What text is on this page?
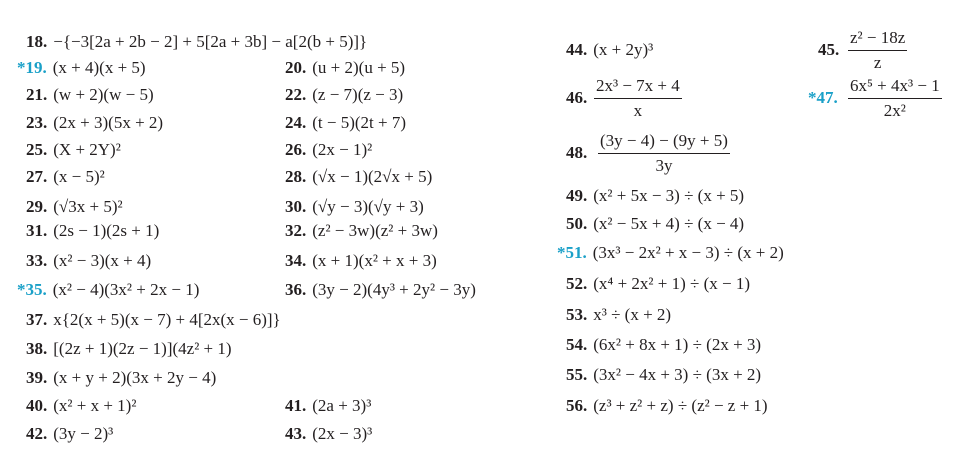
18. −{−3[2a + 2b − 2] + 5[2a + 3b] − a[2(b + 5)]}
*19. (x + 4)(x + 5)
21. (w + 2)(w − 5)
23. (2x + 3)(5x + 2)
25. (X + 2Y)²
27. (x − 5)²
29. (√3x + 5)²
31. (2s − 1)(2s + 1)
33. (x² − 3)(x + 4)
*35. (x² − 4)(3x² + 2x − 1)
37. x{2(x + 5)(x − 7) + 4[2x(x − 6)]}
38. [(2z + 1)(2z − 1)](4z² + 1)
39. (x + y + 2)(3x + 2y − 4)
40. (x² + x + 1)²
42. (3y − 2)³
20. (u + 2)(u + 5)
22. (z − 7)(z − 3)
24. (t − 5)(2t + 7)
26. (2x − 1)²
28. (√x − 1)(2√x + 5)
30. (√y − 3)(√y + 3)
32. (z² − 3w)(z² + 3w)
34. (x + 1)(x² + x + 3)
36. (3y − 2)(4y³ + 2y² − 3y)
41. (2a + 3)³
43. (2x − 3)³
44. (x + 2y)³
46.
2x³ − 7x + 4
x
48.
(3y − 4) − (9y + 5)
3y
49. (x² + 5x − 3) ÷ (x + 5)
50. (x² − 5x + 4) ÷ (x − 4)
*51. (3x³ − 2x² + x − 3) ÷ (x + 2)
52. (x⁴ + 2x² + 1) ÷ (x − 1)
53. x³ ÷ (x + 2)
54. (6x² + 8x + 1) ÷ (2x + 3)
55. (3x² − 4x + 3) ÷ (3x + 2)
56. (z³ + z² + z) ÷ (z² − z + 1)
45.
z² − 18z
z
*47.
6x⁵ + 4x³ − 1
2x²
